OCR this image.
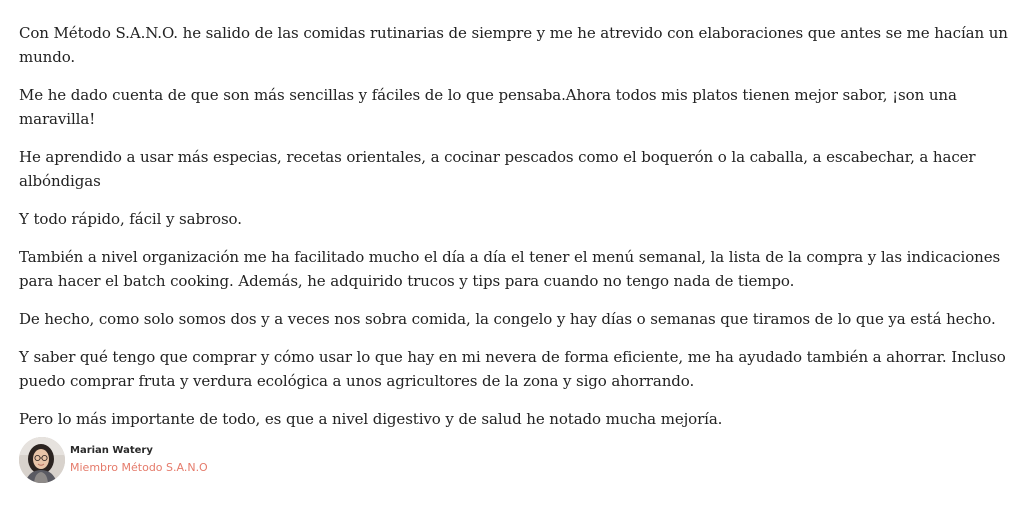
Con Método S.A.N.O. he salido de las comidas rutinarias de siempre y me he atrevido con elaboraciones que antes se me hacían un mundo.

Me he dado cuenta de que son más sencillas y fáciles de lo que pensaba.Ahora todos mis platos tienen mejor sabor, ¡son una maravilla!

He aprendido a usar más especias, recetas orientales, a cocinar pescados como el boquerón o la caballa, a escabechar, a hacer albóndigas

Y todo rápido, fácil y sabroso.

También a nivel organización me ha facilitado mucho el día a día el tener el menú semanal, la lista de la compra y las indicaciones para hacer el batch cooking. Además, he adquirido trucos y tips para cuando no tengo nada de tiempo.

De hecho, como solo somos dos y a veces nos sobra comida, la congelo y hay días o semanas que tiramos de lo que ya está hecho.

Y saber qué tengo que comprar y cómo usar lo que hay en mi nevera de forma eficiente, me ha ayudado también a ahorrar. Incluso puedo comprar fruta y verdura ecológica a unos agricultores de la zona y sigo ahorrando.

Pero lo más importante de todo, es que a nivel digestivo y de salud he notado mucha mejoría.

Marian Watery
Miembro Método S.A.N.O
